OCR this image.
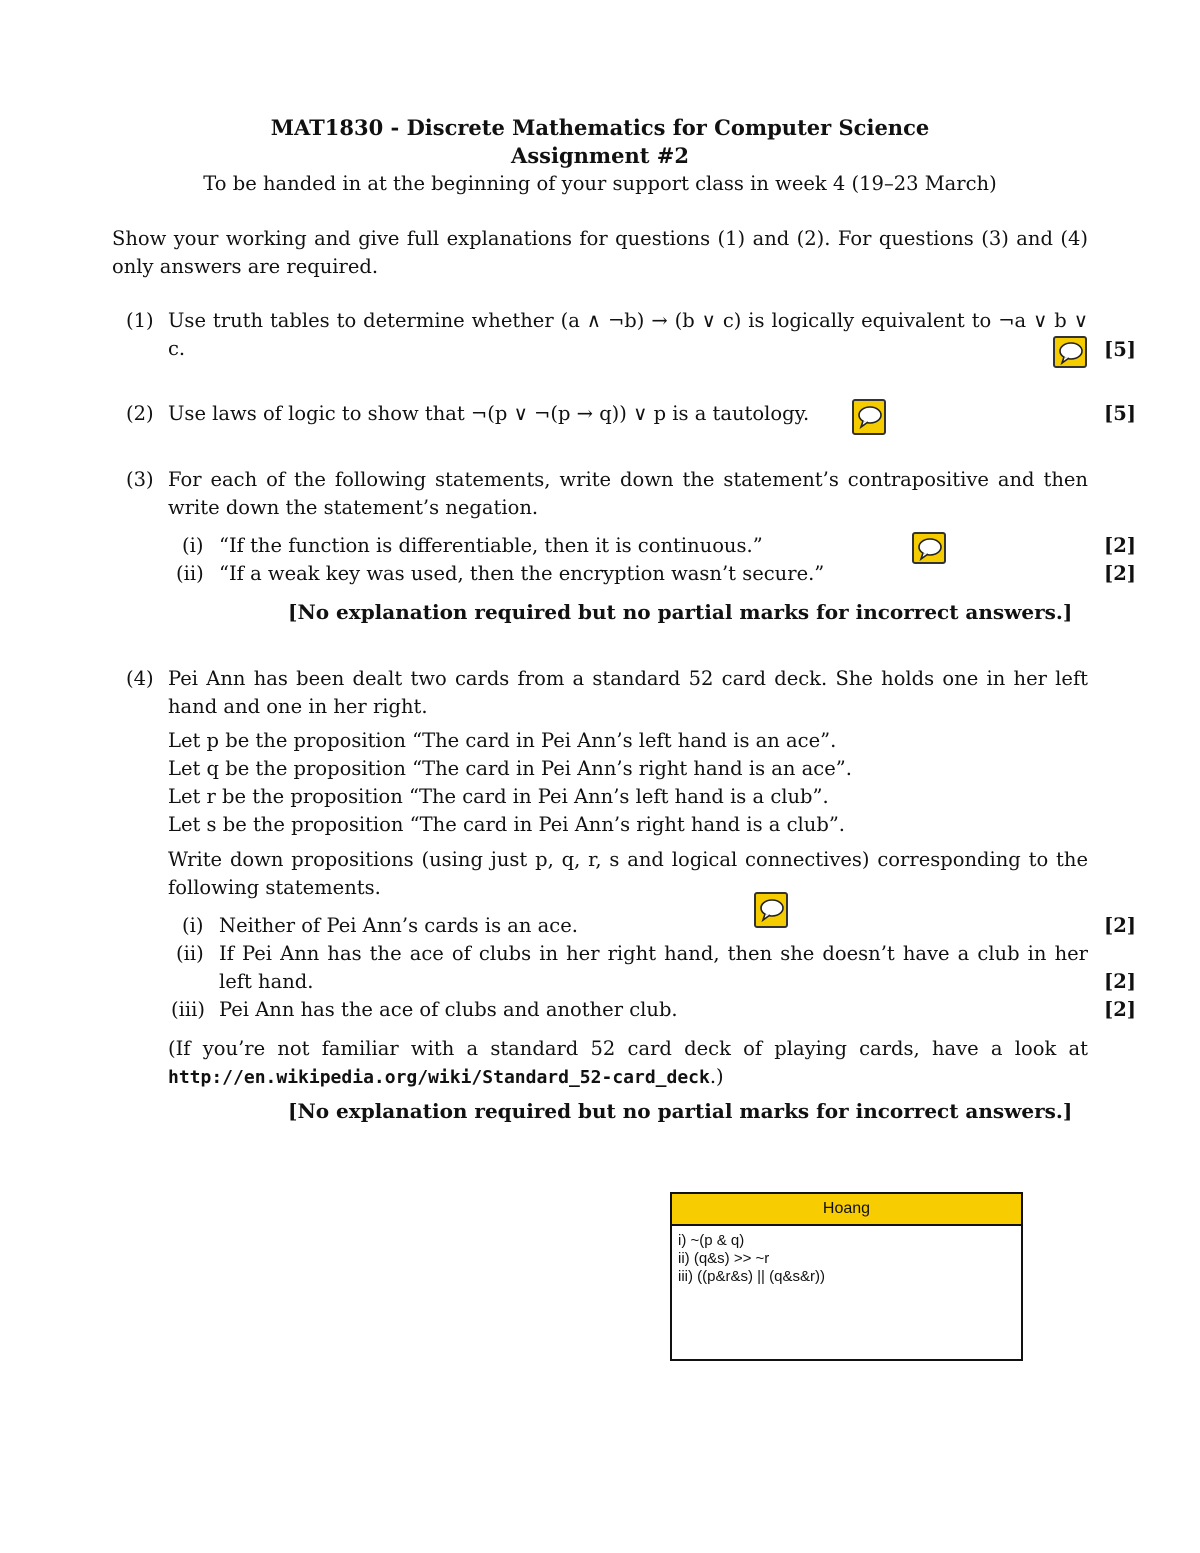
MAT1830 - Discrete Mathematics for Computer Science
Assignment #2
To be handed in at the beginning of your support class in week 4 (19–23 March)
Show your working and give full explanations for questions (1) and (2). For questions (3) and (4)
only answers are required.
(1) Use truth tables to determine whether (a ∧ ¬b) → (b ∨ c) is logically equivalent to ¬a ∨ b ∨ c.	[5]
(2) Use laws of logic to show that ¬(p ∨ ¬(p → q)) ∨ p is a tautology.	[5]
(3) For each of the following statements, write down the statement’s contrapositive and then
write down the statement’s negation.
(i) “If the function is differentiable, then it is continuous.”	[2]
(ii) “If a weak key was used, then the encryption wasn’t secure.”	[2]
[No explanation required but no partial marks for incorrect answers.]
(4) Pei Ann has been dealt two cards from a standard 52 card deck. She holds one in her left
hand and one in her right.
Let p be the proposition “The card in Pei Ann’s left hand is an ace”.
Let q be the proposition “The card in Pei Ann’s right hand is an ace”.
Let r be the proposition “The card in Pei Ann’s left hand is a club”.
Let s be the proposition “The card in Pei Ann’s right hand is a club”.
Write down propositions (using just p, q, r, s and logical connectives) corresponding to the
following statements.
(i) Neither of Pei Ann’s cards is an ace.	[2]
(ii) If Pei Ann has the ace of clubs in her right hand, then she doesn’t have a club in her
left hand.	[2]
(iii) Pei Ann has the ace of clubs and another club.	[2]
(If you’re not familiar with a standard 52 card deck of playing cards, have a look at
http://en.wikipedia.org/wiki/Standard_52-card_deck.)
[No explanation required but no partial marks for incorrect answers.]
Hoang
i) ~(p & q)
ii) (q&s) >> ~r
iii) ((p&r&s) || (q&s&r))
